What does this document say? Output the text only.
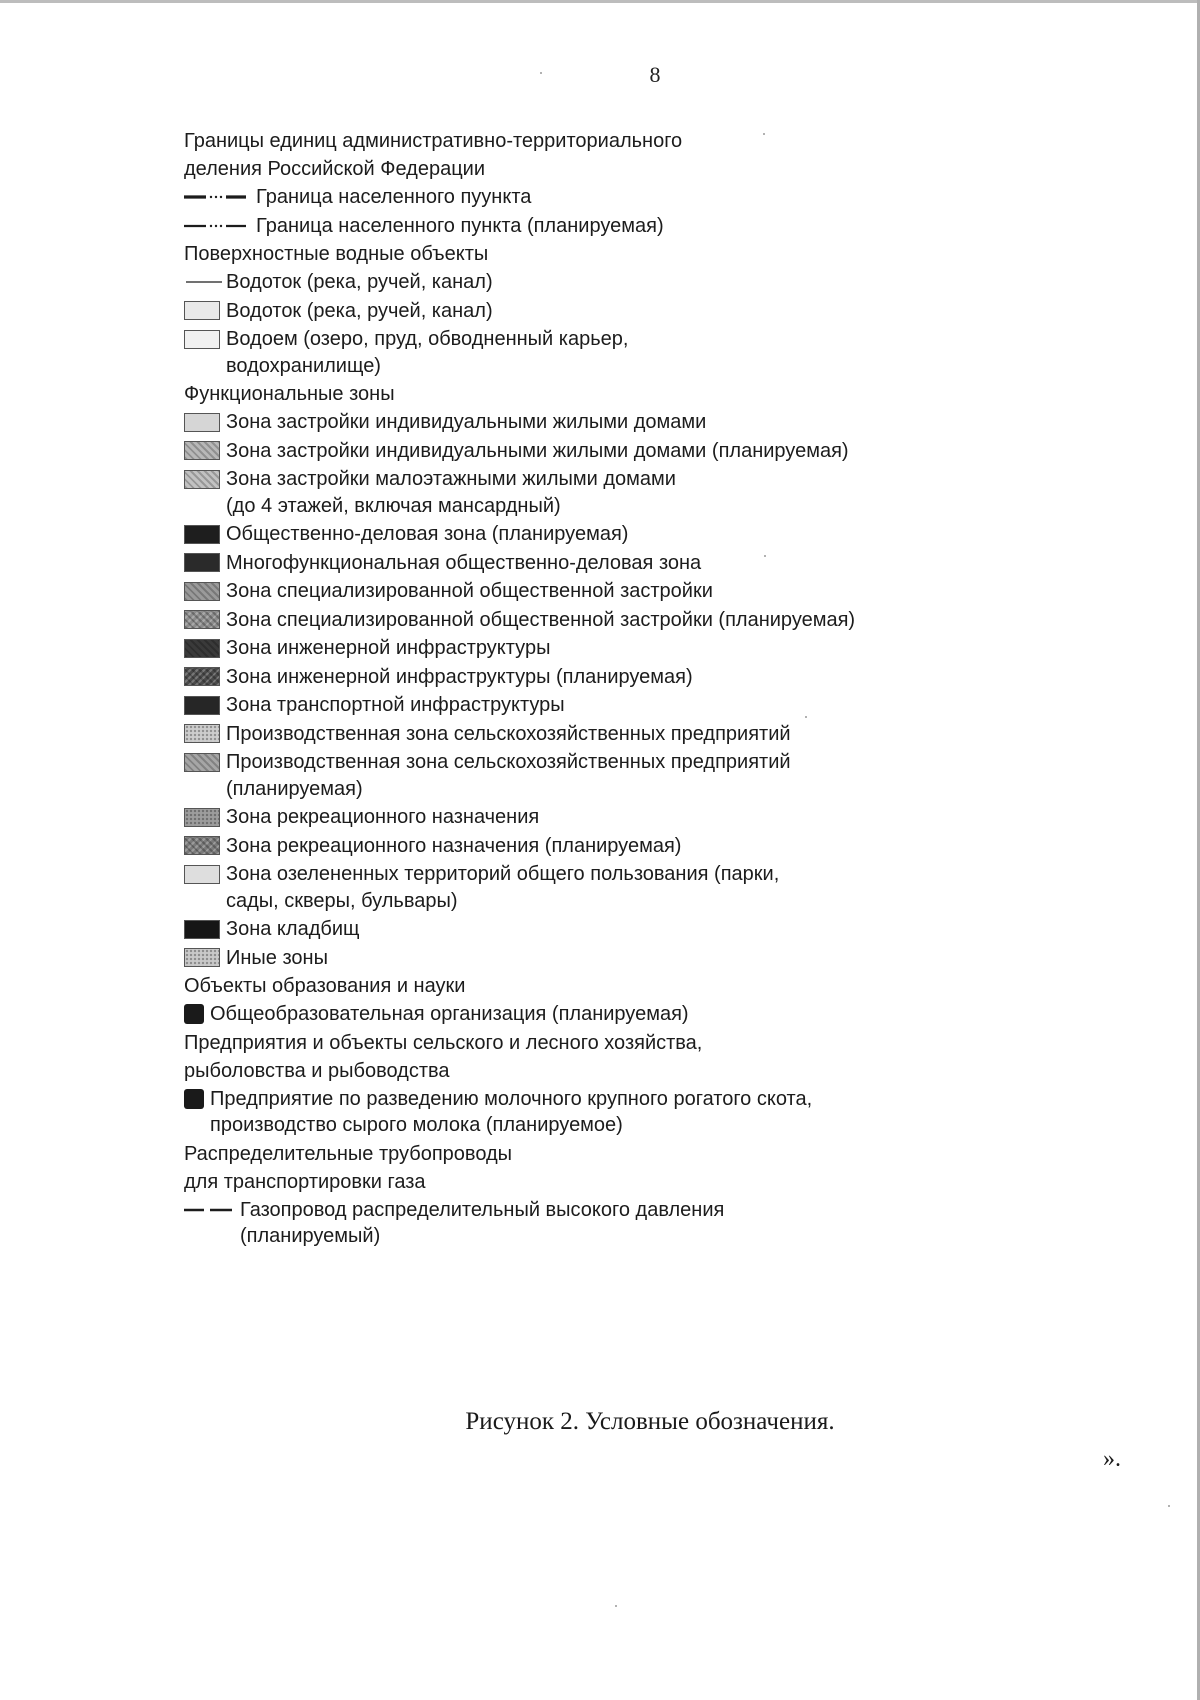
8
Границы единиц административно-территориального
деления Российской Федерации
Граница населенного пуункта
Граница населенного пункта (планируемая)
Поверхностные водные объекты
Водоток (река, ручей, канал)
Водоток (река, ручей, канал)
Водоем (озеро, пруд, обводненный карьер,
водохранилище)
Функциональные зоны
Зона застройки индивидуальными жилыми домами
Зона застройки индивидуальными жилыми домами (планируемая)
Зона застройки малоэтажными жилыми домами
(до 4 этажей, включая мансардный)
Общественно-деловая зона (планируемая)
Многофункциональная общественно-деловая зона
Зона специализированной общественной застройки
Зона специализированной общественной застройки (планируемая)
Зона инженерной инфраструктуры
Зона инженерной инфраструктуры (планируемая)
Зона транспортной инфраструктуры
Производственная зона сельскохозяйственных предприятий
Производственная зона сельскохозяйственных предприятий
(планируемая)
Зона рекреационного назначения
Зона рекреационного назначения (планируемая)
Зона озелененных территорий общего пользования (парки,
сады, скверы, бульвары)
Зона кладбищ
Иные зоны
Объекты образования и науки
Общеобразовательная организация (планируемая)
Предприятия и объекты сельского и лесного хозяйства,
рыболовства и рыбоводства
Предприятие по разведению молочного крупного рогатого скота,
производство сырого молока (планируемое)
Распределительные трубопроводы
для транспортировки газа
Газопровод распределительный высокого давления
(планируемый)
Рисунок 2. Условные обозначения.
».
